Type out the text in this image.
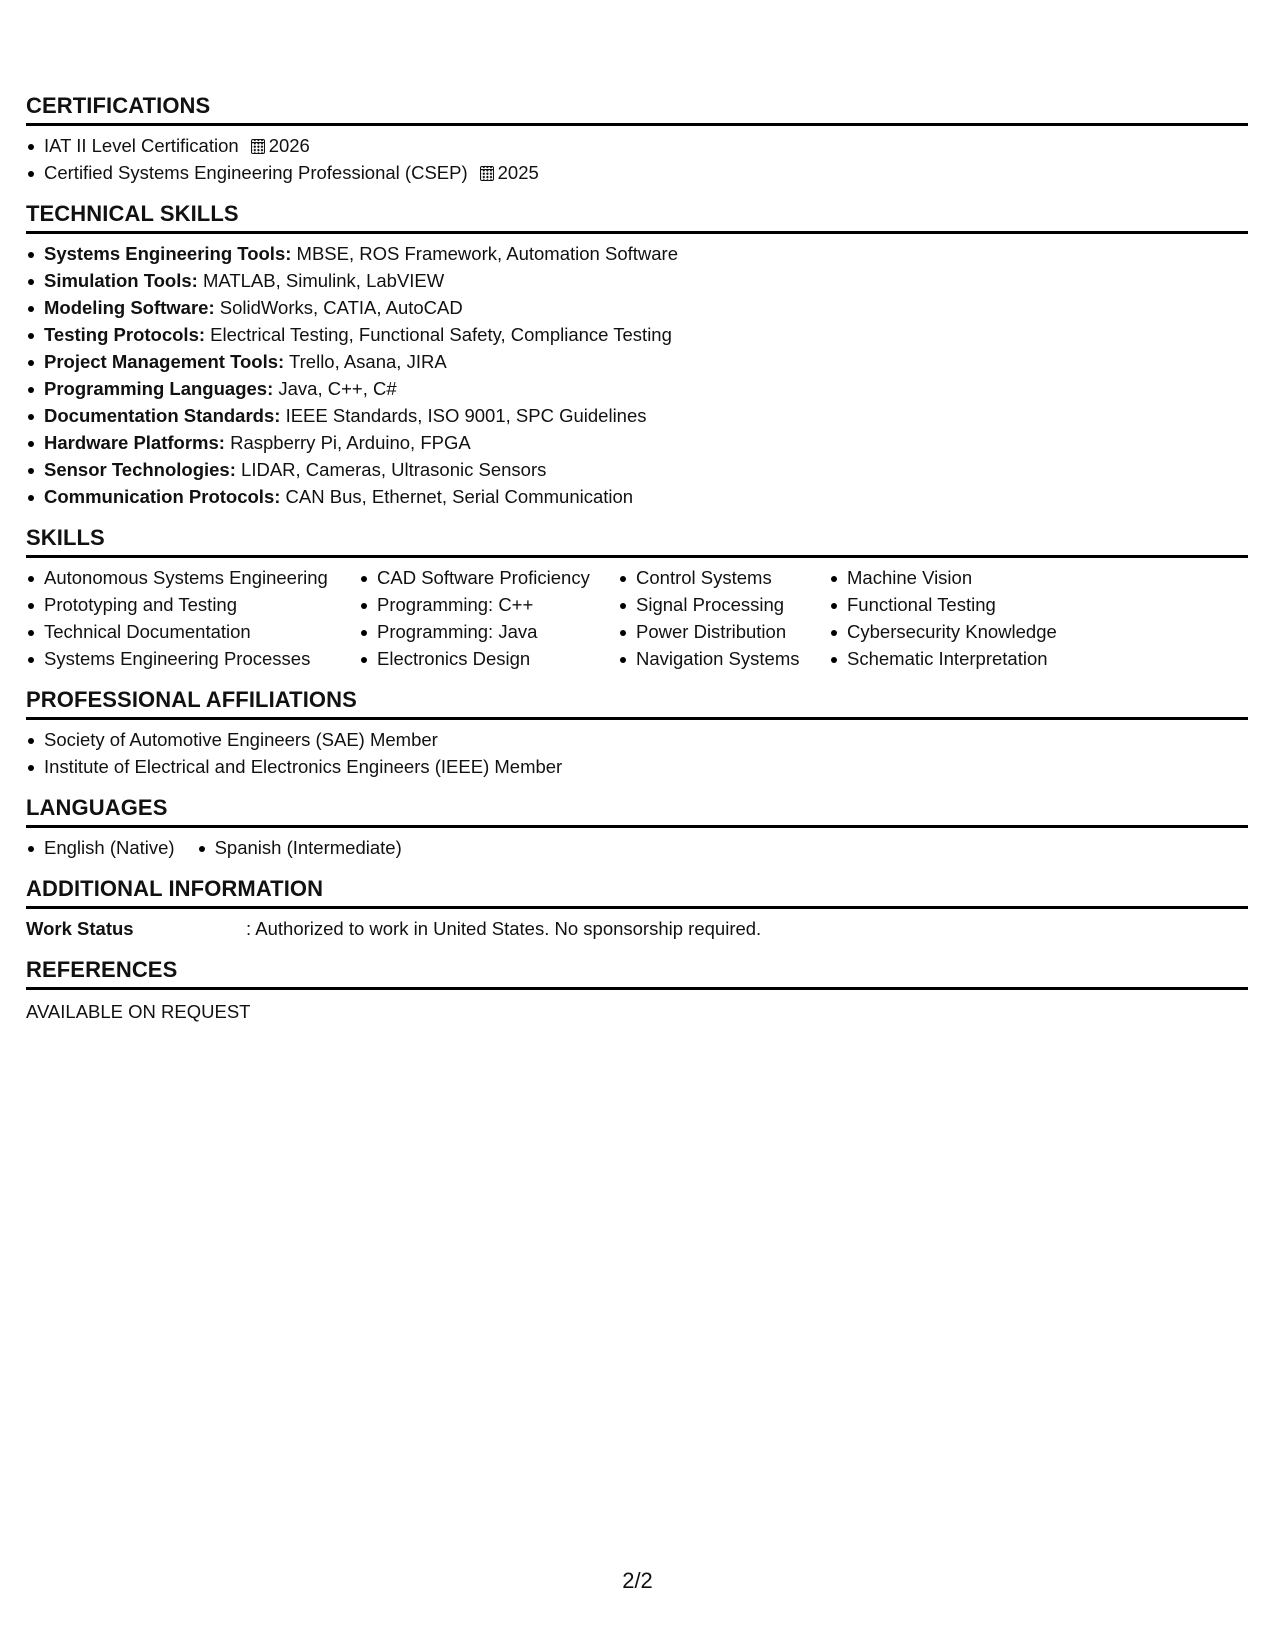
CERTIFICATIONS
IAT II Level Certification 2026
Certified Systems Engineering Professional (CSEP) 2025
TECHNICAL SKILLS
Systems Engineering Tools: MBSE, ROS Framework, Automation Software
Simulation Tools: MATLAB, Simulink, LabVIEW
Modeling Software: SolidWorks, CATIA, AutoCAD
Testing Protocols: Electrical Testing, Functional Safety, Compliance Testing
Project Management Tools: Trello, Asana, JIRA
Programming Languages: Java, C++, C#
Documentation Standards: IEEE Standards, ISO 9001, SPC Guidelines
Hardware Platforms: Raspberry Pi, Arduino, FPGA
Sensor Technologies: LIDAR, Cameras, Ultrasonic Sensors
Communication Protocols: CAN Bus, Ethernet, Serial Communication
SKILLS
Autonomous Systems Engineering
Prototyping and Testing
Technical Documentation
Systems Engineering Processes
CAD Software Proficiency
Programming: C++
Programming: Java
Electronics Design
Control Systems
Signal Processing
Power Distribution
Navigation Systems
Machine Vision
Functional Testing
Cybersecurity Knowledge
Schematic Interpretation
PROFESSIONAL AFFILIATIONS
Society of Automotive Engineers (SAE) Member
Institute of Electrical and Electronics Engineers (IEEE) Member
LANGUAGES
English (Native)	Spanish (Intermediate)
ADDITIONAL INFORMATION
Work Status	: Authorized to work in United States. No sponsorship required.
REFERENCES
AVAILABLE ON REQUEST
2/2
